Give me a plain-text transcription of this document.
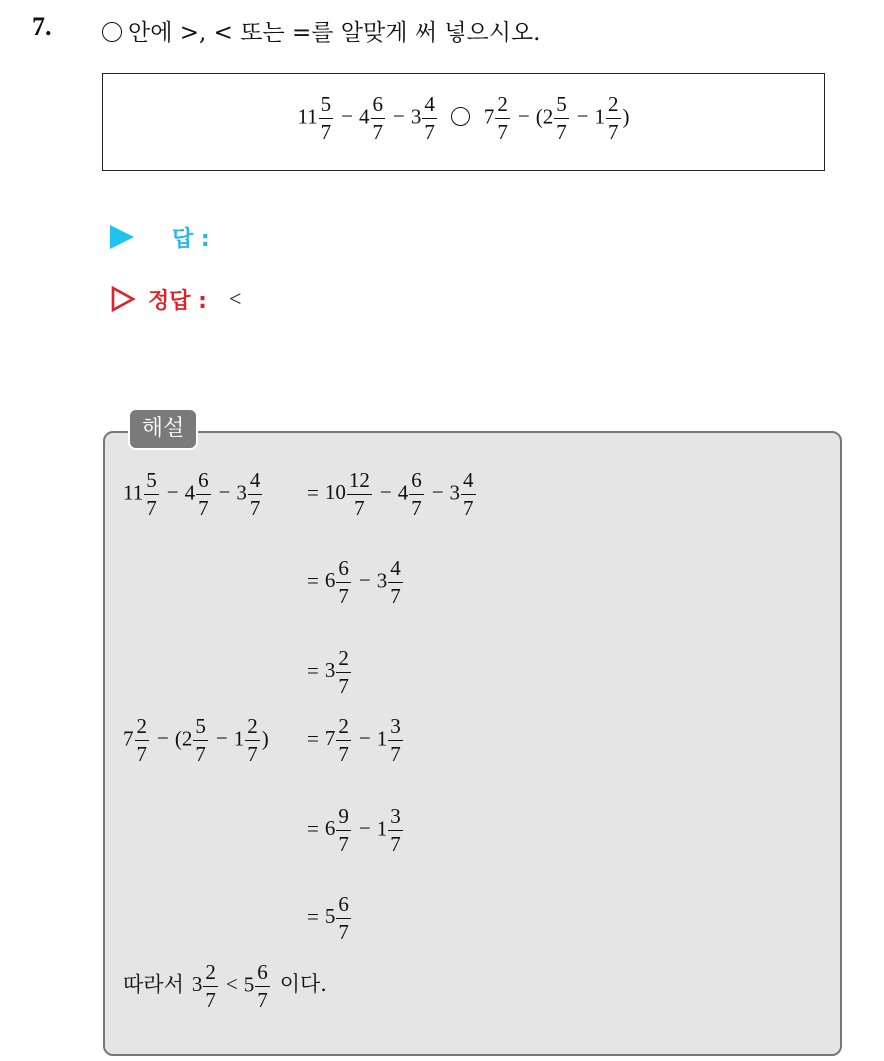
7.	안에 >, < 또는 =를 알맞게 써 넣으시오.
$11 \frac{5}{7} - 4 \frac{6}{7} - 3 \frac{4}{7} 7 \frac{2}{7} - (2 \frac{5}{7} - 1 \frac{2}{7}$ )
답 :
정답 : <
해설
$11 \frac{5}{7} - 4 \frac{6}{7} - 3 \frac{4}{7} = 10 \frac{12}{7} - 4 \frac{6}{7} - 3 \frac{4}{7}$
= $6 \frac{6}{7} - 3 \frac{4}{7}$
= $3 \frac{2}{7}$
$7 \frac{2}{7} - (2 \frac{5}{7} - 1 \frac{2}{7}$ ) = $7 \frac{2}{7} - 1 \frac{3}{7}$
= $6 \frac{9}{7} - 1 \frac{3}{7}$
= $5 \frac{6}{7}$
따라서 $3 \frac{2}{7} < 5 \frac{6}{7}$ 이다.
